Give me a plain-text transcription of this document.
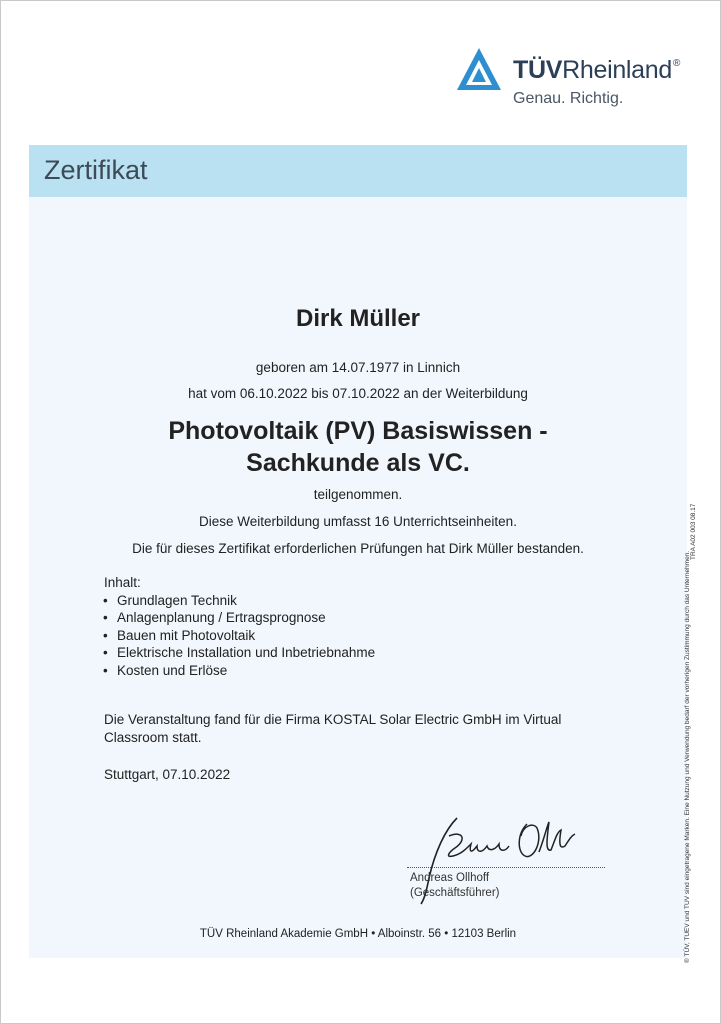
TÜVRheinland®
Genau. Richtig.
Zertifikat
Dirk Müller
geboren am 14.07.1977 in Linnich
hat vom 06.10.2022 bis 07.10.2022 an der Weiterbildung
Photovoltaik (PV) Basiswissen -
Sachkunde als VC.
teilgenommen.
Diese Weiterbildung umfasst 16 Unterrichtseinheiten.
Die für dieses Zertifikat erforderlichen Prüfungen hat Dirk Müller bestanden.
Inhalt:
• Grundlagen Technik
• Anlagenplanung / Ertragsprognose
• Bauen mit Photovoltaik
• Elektrische Installation und Inbetriebnahme
• Kosten und Erlöse
Die Veranstaltung fand für die Firma KOSTAL Solar Electric GmbH im Virtual
Classroom statt.
Stuttgart, 07.10.2022
Andreas Ollhoff
(Geschäftsführer)
TÜV Rheinland Akademie GmbH • Alboinstr. 56 • 12103 Berlin	® TÜV, TUEV und TUV sind eingetragene Marken. Eine Nutzung und Verwendung bedarf der vorherigen Zustimmung durch das Unternehmen.
TRA A02 003 08.17
